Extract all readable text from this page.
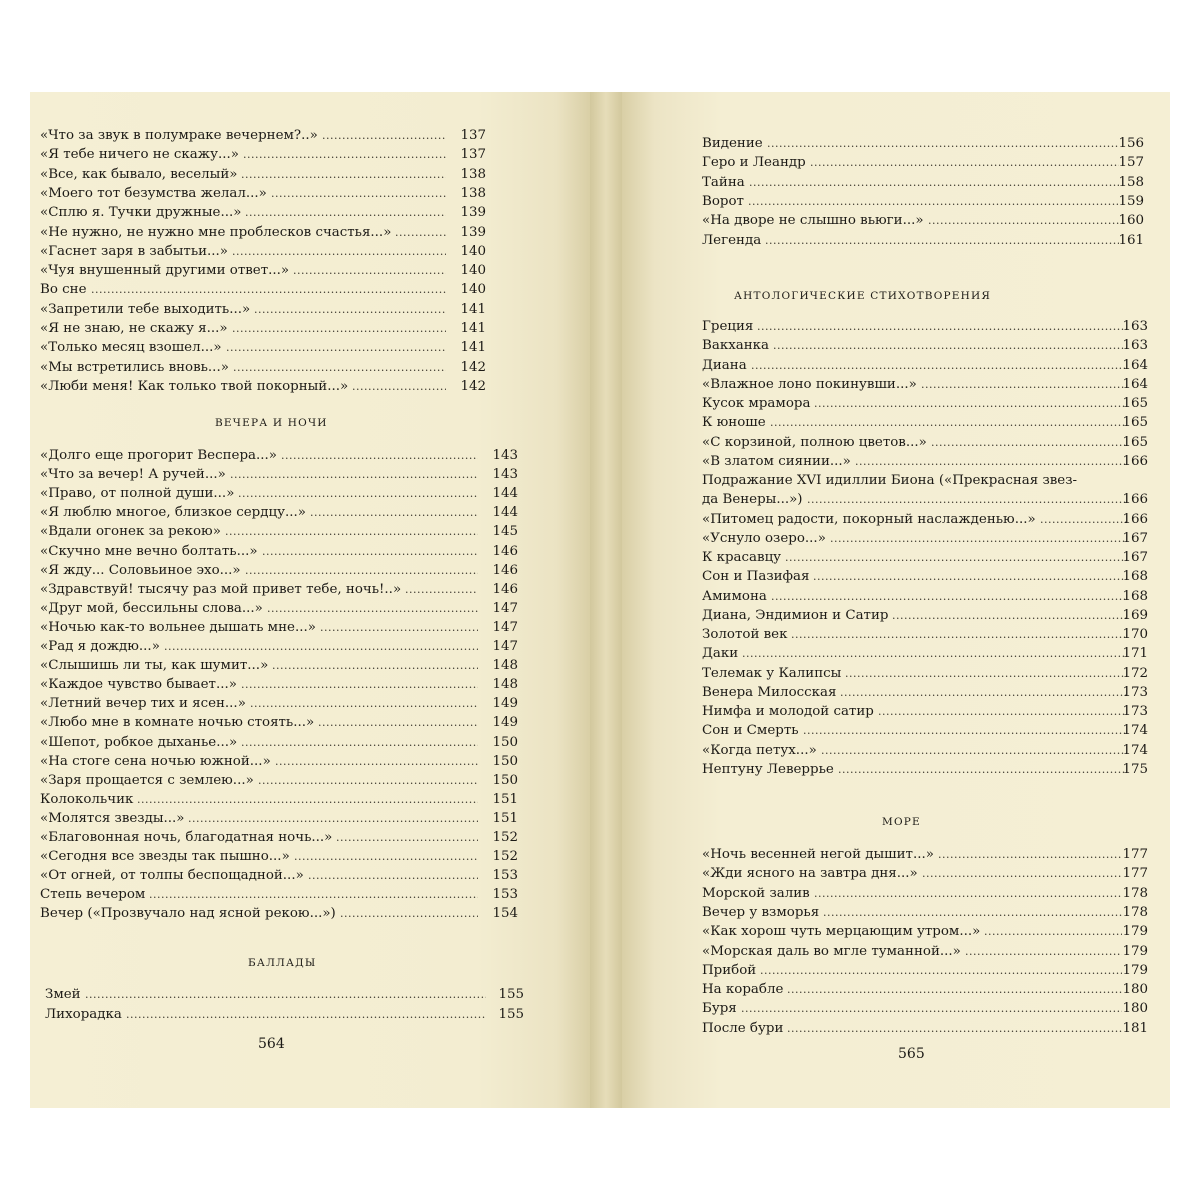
«Что за звук в полумраке вечернем?..» .....	137
«Я тебе ничего не скажу...» .....	137
«Все, как бывало, веселый» .....	138
«Моего тот безумства желал...» .....	138
«Сплю я. Тучки дружные...» .....	139
«Не нужно, не нужно мне проблесков счастья...» .....	139
«Гаснет заря в забытьи...» .....	140
«Чуя внушенный другими ответ...» .....	140
Во сне .....	140
«Запретили тебе выходить...» .....	141
«Я не знаю, не скажу я...» .....	141
«Только месяц взошел...» .....	141
«Мы встретились вновь...» .....	142
«Люби меня! Как только твой покорный...» .....	142
«Долго еще прогорит Веспера...» .....	143
«Что за вечер! А ручей...» .....	143
«Право, от полной души...» .....	144
«Я люблю многое, близкое сердцу...» .....	144
«Вдали огонек за рекою» .....	145
«Скучно мне вечно болтать...» .....	146
«Я жду... Соловьиное эхо...» .....	146
«Здравствуй! тысячу раз мой привет тебе, ночь!..» .....	146
«Друг мой, бессильны слова...» .....	147
«Ночью как-то вольнее дышать мне...» .....	147
«Рад я дождю...» .....	147
«Слышишь ли ты, как шумит...» .....	148
«Каждое чувство бывает...» .....	148
«Летний вечер тих и ясен...» .....	149
«Любо мне в комнате ночью стоять...» .....	149
«Шепот, робкое дыханье...» .....	150
«На стоге сена ночью южной...» .....	150
«Заря прощается с землею...» .....	150
Колокольчик .....	151
«Молятся звезды...» .....	151
«Благовонная ночь, благодатная ночь...» .....	152
«Сегодня все звезды так пышно...» .....	152
«От огней, от толпы беспощадной...» .....	153
Степь вечером .....	153
Вечер («Прозвучало над ясной рекою...») .....	154
Змей .....	155
Лихорадка .....	155
ВЕЧЕРА И НОЧИ
БАЛЛАДЫ
564
Видение .....	156
Геро и Леандр .....	157
Тайна .....	158
Ворот .....	159
«На дворе не слышно вьюги...» .....	160
Легенда .....	161
Греция .....	163
Вакханка .....	163
Диана .....	164
«Влажное лоно покинувши...» .....	164
Кусок мрамора .....	165
К юноше .....	165
«С корзиной, полною цветов...» .....	165
«В златом сиянии...» .....	166
Подражание XVI идиллии Биона («Прекрасная звез-
да Венеры...») .....	166
«Питомец радости, покорный наслажденью...» .....	166
«Уснуло озеро...» .....	167
К красавцу .....	167
Сон и Пазифая .....	168
Амимона .....	168
Диана, Эндимион и Сатир .....	169
Золотой век .....	170
Даки .....	171
Телемак у Калипсы .....	172
Венера Милосская .....	173
Нимфа и молодой сатир .....	173
Сон и Смерть .....	174
«Когда петух...» .....	174
Нептуну Леверрье .....	175
«Ночь весенней негой дышит...» .....	177
«Жди ясного на завтра дня...» .....	177
Морской залив .....	178
Вечер у взморья .....	178
«Как хорош чуть мерцающим утром...» .....	179
«Морская даль во мгле туманной...» .....	179
Прибой .....	179
На корабле .....	180
Буря .....	180
После бури .....	181
АНТОЛОГИЧЕСКИЕ СТИХОТВОРЕНИЯ
МОРЕ
565
